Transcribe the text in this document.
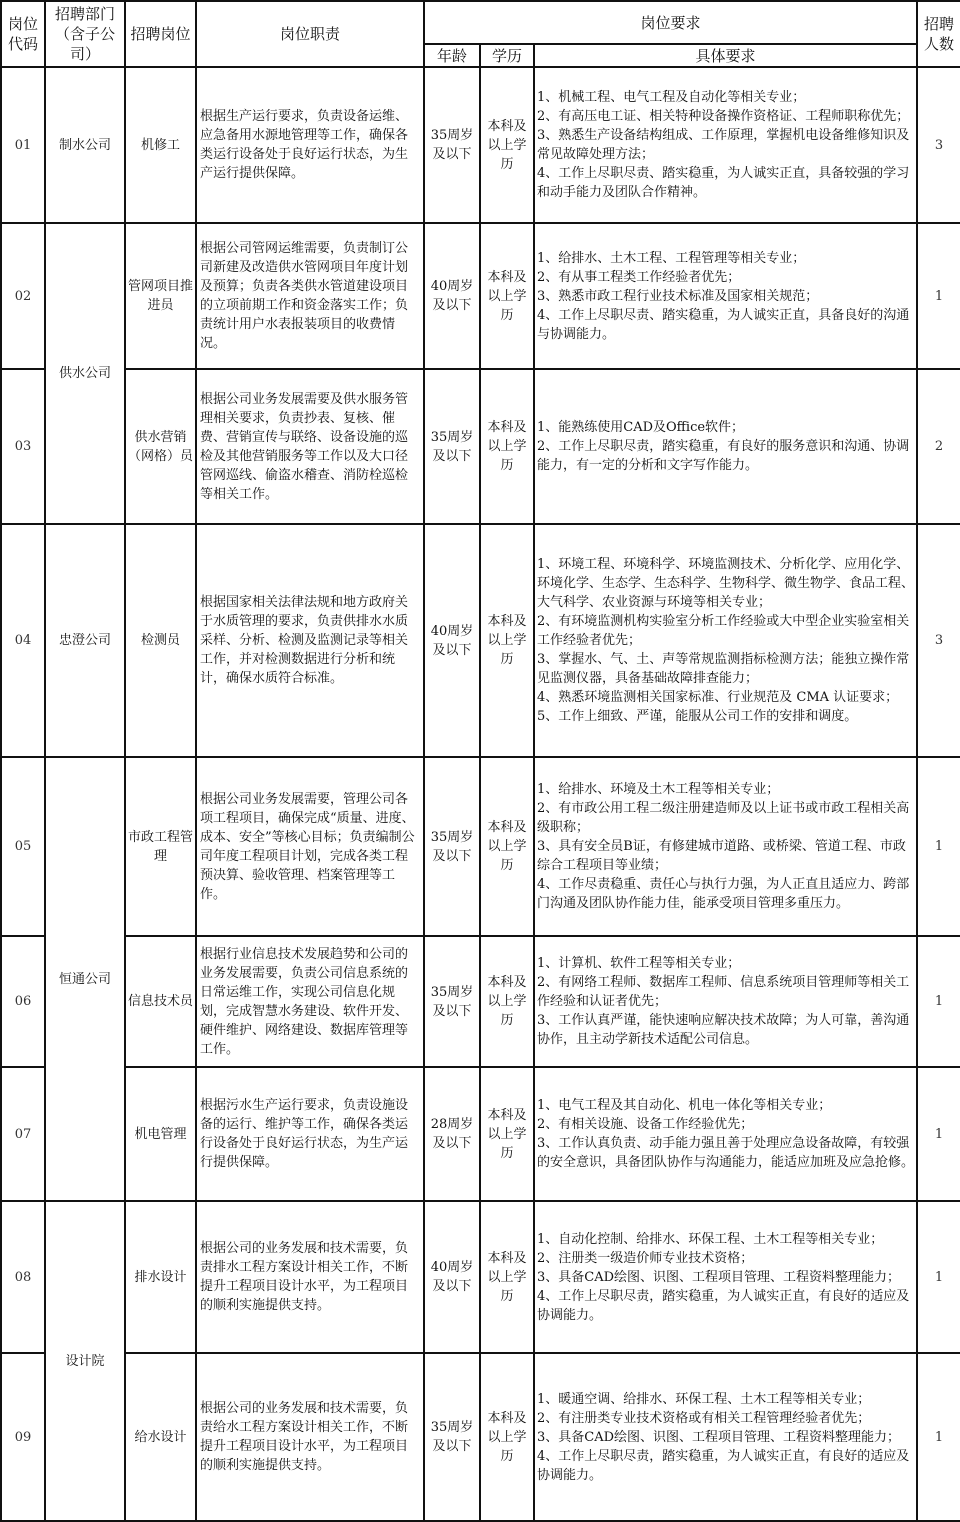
岗位代码	招聘部门（含子公司）	招聘岗位	岗位职责	岗位要求			招聘人数
				年龄	学历	具体要求	
01	制水公司	机修工	根据生产运行要求，负责设备运维、应急备用水源地管理等工作，确保各类运行设备处于良好运行状态，为生产运行提供保障。	35周岁及以下	本科及以上学历	1、机械工程、电气工程及自动化等相关专业；
2、有高压电工证、相关特种设备操作资格证、工程师职称优先；
3、熟悉生产设备结构组成、工作原理，掌握机电设备维修知识及常见故障处理方法；
4、工作上尽职尽责、踏实稳重，为人诚实正直，具备较强的学习和动手能力及团队合作精神。	3
02	供水公司	管网项目推进员	根据公司管网运维需要，负责制订公司新建及改造供水管网项目年度计划及预算；负责各类供水管道建设项目的立项前期工作和资金落实工作；负责统计用户水表报装项目的收费情况。	40周岁及以下	本科及以上学历	1、给排水、土木工程、工程管理等相关专业；
2、有从事工程类工作经验者优先；
3、熟悉市政工程行业技术标准及国家相关规范；
4、工作上尽职尽责、踏实稳重，为人诚实正直，具备良好的沟通与协调能力。	1
03		供水营销（网格）员	根据公司业务发展需要及供水服务管理相关要求，负责抄表、复核、催费、营销宣传与联络、设备设施的巡检及其他营销服务等工作以及大口径管网巡线、偷盗水稽查、消防栓巡检等相关工作。	35周岁及以下	本科及以上学历	1、能熟练使用CAD及Office软件；
2、工作上尽职尽责，踏实稳重，有良好的服务意识和沟通、协调能力，有一定的分析和文字写作能力。	2
04	忠澄公司	检测员	根据国家相关法律法规和地方政府关于水质管理的要求，负责供排水水质采样、分析、检测及监测记录等相关工作，并对检测数据进行分析和统计，确保水质符合标准。	40周岁及以下	本科及以上学历	1、环境工程、环境科学、环境监测技术、分析化学、应用化学、环境化学、生态学、生态科学、生物科学、微生物学、食品工程、大气科学、农业资源与环境等相关专业；
2、有环境监测机构实验室分析工作经验或大中型企业实验室相关工作经验者优先；
3、掌握水、气、土、声等常规监测指标检测方法；能独立操作常见监测仪器，具备基础故障排查能力；
4、熟悉环境监测相关国家标准、行业规范及 CMA 认证要求；
5、工作上细致、严谨，能服从公司工作的安排和调度。	3
05	恒通公司	市政工程管理	根据公司业务发展需要，管理公司各项工程项目，确保完成“质量、进度、成本、安全”等核心目标；负责编制公司年度工程项目计划，完成各类工程预决算、验收管理、档案管理等工作。	35周岁及以下	本科及以上学历	1、给排水、环境及土木工程等相关专业；
2、有市政公用工程二级注册建造师及以上证书或市政工程相关高级职称；
3、具有安全员B证，有修建城市道路、或桥梁、管道工程、市政综合工程项目等业绩；
4、工作尽责稳重、责任心与执行力强，为人正直且适应力、跨部门沟通及团队协作能力佳，能承受项目管理多重压力。	1
06		信息技术员	根据行业信息技术发展趋势和公司的业务发展需要，负责公司信息系统的日常运维工作，实现公司信息化规划，完成智慧水务建设、软件开发、硬件维护、网络建设、数据库管理等工作。	35周岁及以下	本科及以上学历	1、计算机、软件工程等相关专业；
2、有网络工程师、数据库工程师、信息系统项目管理师等相关工作经验和认证者优先；
3、工作认真严谨，能快速响应解决技术故障；为人可靠，善沟通协作，且主动学新技术适配公司信息。	1
07		机电管理	根据污水生产运行要求，负责设施设备的运行、维护等工作，确保各类运行设备处于良好运行状态，为生产运行提供保障。	28周岁及以下	本科及以上学历	1、电气工程及其自动化、机电一体化等相关专业；
2、有相关设施、设备工作经验优先；
3、工作认真负责、动手能力强且善于处理应急设备故障，有较强的安全意识，具备团队协作与沟通能力，能适应加班及应急抢修。	1
08	设计院	排水设计	根据公司的业务发展和技术需要，负责排水工程方案设计相关工作，不断提升工程项目设计水平，为工程项目的顺利实施提供支持。	40周岁及以下	本科及以上学历	1、自动化控制、给排水、环保工程、土木工程等相关专业；
2、注册类一级造价师专业技术资格；
3、具备CAD绘图、识图、工程项目管理、工程资料整理能力；
4、工作上尽职尽责，踏实稳重，为人诚实正直，有良好的适应及协调能力。	1
09		给水设计	根据公司的业务发展和技术需要，负责给水工程方案设计相关工作，不断提升工程项目设计水平，为工程项目的顺利实施提供支持。	35周岁及以下	本科及以上学历	1、暖通空调、给排水、环保工程、土木工程等相关专业；
2、有注册类专业技术资格或有相关工程管理经验者优先；
3、具备CAD绘图、识图、工程项目管理、工程资料整理能力；
4、工作上尽职尽责，踏实稳重，为人诚实正直，有良好的适应及协调能力。	1
